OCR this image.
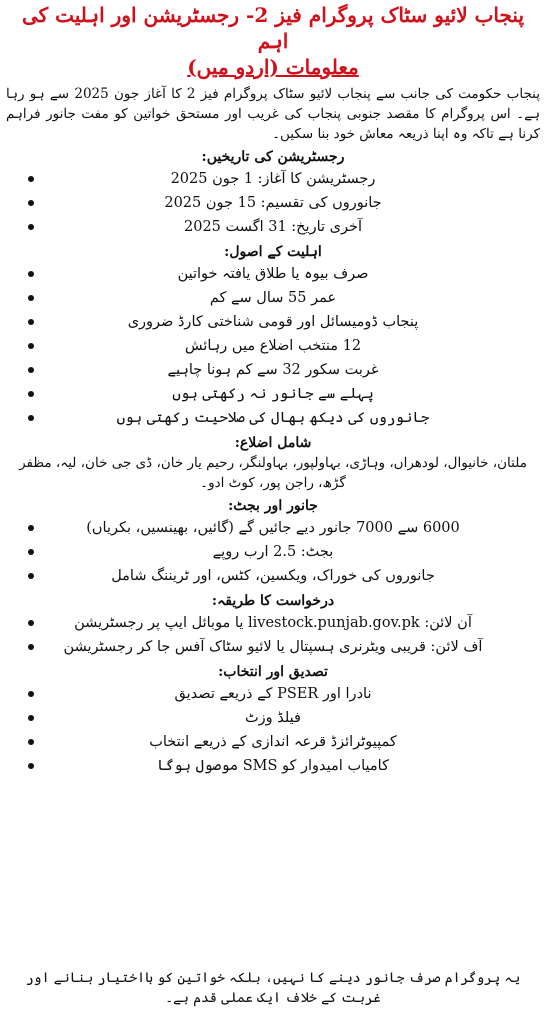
پنجاب لائیو سٹاک پروگرام فیز 2- رجسٹریشن اور اہلیت کی اہم
معلومات (اردو میں)
پنجاب حکومت کی جانب سے پنجاب لائیو سٹاک پروگرام فیز 2 کا آغاز جون 2025 سے ہو رہا ہے۔ اس پروگرام کا مقصد جنوبی پنجاب کی غریب اور مستحق خواتین کو مفت جانور فراہم کرنا ہے تاکہ وہ اپنا ذریعہ معاش خود بنا سکیں۔
رجسٹریشن کی تاریخیں:
رجسٹریشن کا آغاز: 1 جون 2025
جانوروں کی تقسیم: 15 جون 2025
آخری تاریخ: 31 اگست 2025
اہلیت کے اصول:
صرف بیوہ یا طلاق یافتہ خواتین
عمر 55 سال سے کم
پنجاب ڈومیسائل اور قومی شناختی کارڈ ضروری
12 منتخب اضلاع میں رہائش
غربت سکور 32 سے کم ہونا چاہیے
پہلے سے جانور نہ رکھتی ہوں
جانوروں کی دیکھ بھال کی صلاحیت رکھتی ہوں
شامل اضلاع:
ملتان، خانیوال، لودھراں، وہاڑی، بہاولپور، بہاولنگر، رحیم یار خان، ڈی جی خان، لیہ، مظفر گڑھ، راجن پور، کوٹ ادو۔
جانور اور بجٹ:
6000 سے 7000 جانور دیے جائیں گے (گائیں، بھینسیں، بکریاں)
بجٹ: 2.5 ارب روپے
جانوروں کی خوراک، ویکسین، کٹس، اور ٹریننگ شامل
درخواست کا طریقہ:
آن لائن: livestock.punjab.gov.pk یا موبائل ایپ پر رجسٹریشن
آف لائن: قریبی ویٹرنری ہسپتال یا لائیو سٹاک آفس جا کر رجسٹریشن
تصدیق اور انتخاب:
نادرا اور PSER کے ذریعے تصدیق
فیلڈ وزٹ
کمپیوٹرائزڈ قرعہ اندازی کے ذریعے انتخاب
کامیاب امیدوار کو SMS موصول ہوگا
یہ پروگرام صرف جانور دینے کا نہیں، بلکہ خواتین کو بااختیار بنانے اور غربت کے خلاف ایک عملی قدم ہے۔
